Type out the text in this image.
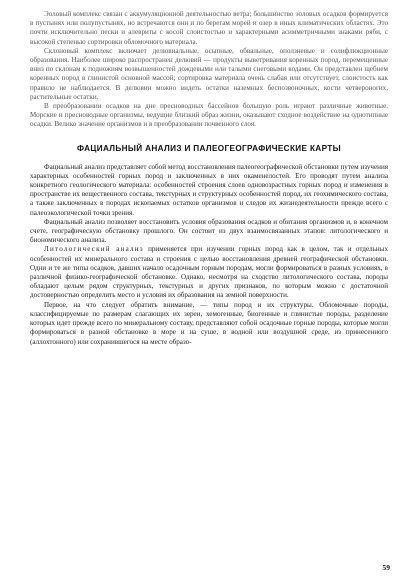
Эоловый комплекс связан с аккумуляционной деятельностью ветра; большинство эоловых осадков формируется в пустынях или полупустынях, но встречаются они и по берегам морей и озер в иных климатических областях. Это почти исключительно пески и алевриты с косой слоистостью и характерными асимметричными знаками ряби, с высокой степенью сортировки обломочного материала.

Склоновый комплекс включает делювиальные, осыпные, обвальные, оползневые и солифлюкционные образования. Наиболее широко распространен делювий — продукты выветривания коренных пород, перемещенные вниз по склонам к подножиям возвышенностей дождевыми или талыми снеговыми водами. Он представлен щебнем коренных пород в глинистой основной массой; сортировка материала очень слабая или отсутствует, слоистость как правило не наблюдается. В делювии можно видеть остатки наземных беспозвоночных, кости четвероногих, растительные остатки.

В преобразовании осадков на дне пресноводных бассейнов большую роль играют различные животные. Морские и пресноводные организмы, ведущие близкий образ жизни, оказывают сходное воздействие на однотипные осадки. Велико значение организмов и в преобразовании почвенного слоя.

ФАЦИАЛЬНЫЙ АНАЛИЗ И ПАЛЕОГЕОГРАФИЧЕСКИЕ КАРТЫ

Фациальный анализ представляет собой метод восстановления палеогеографической обстановки путем изучения характерных особенностей горных пород и заключенных в них окаменелостей. Его проводят путем анализа конкретного геологического материала: особенностей строения слоев одновозрастных горных пород и изменения в пространстве их вещественного состава, текстурных и структурных особенностей пород, их геохимического состава, а также заключенных в породах ископаемых остатков организмов и следов их жизнедеятельности прежде всего с палеоэкологической точки зрения.

Фациальный анализ позволяет восстановить условия образования осадков и обитания организмов и, в конечном счете, географическую обстановку прошлого. Он состоит из двух взаимосвязанных этапов: литологического и биономического анализа.

Литологический анализ применяется при изучении горных пород как в целом, так и отдельных особенностей их минерального состава и строения с целью восстановления древней географической обстановки. Одни и те же типы осадков, давших начало осадочным горным породам, могли формироваться в разных условиях, в различной физико-географической обстановке. Однако, несмотря на сходство литологического состава, породы обладают целым рядом структурных, текстурных и других признаков, по которым можно с достаточной достоверностью определить место и условия их образования на земной поверхности.

Первое, на что следует обратить внимание, — типы пород и их структуры. Обломочные породы, классифицируемые по размерам слагающих их зерен, хемогенные, биогенные и глинистые породы, разделение которых идет прежде всего по минеральному составу, представляют собой осадочные горные породы, которые могли формироваться в разной обстановке в море и на суше, в водной или воздушной среде, из принесенного (аллохтонного) или сохранившегося на месте образо-

59
